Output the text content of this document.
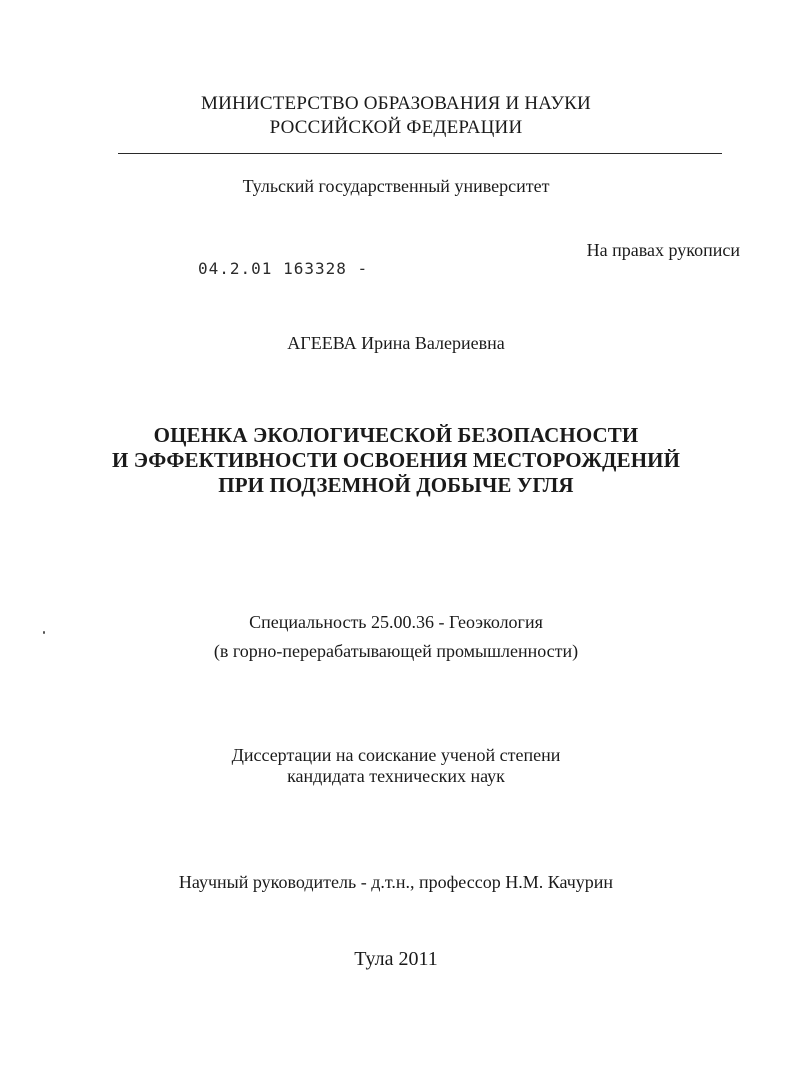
МИНИСТЕРСТВО ОБРАЗОВАНИЯ И НАУКИ
РОССИЙСКОЙ ФЕДЕРАЦИИ
Тульский государственный университет
На правах рукописи
04.2.01 163328 -
АГЕЕВА Ирина Валериевна
ОЦЕНКА ЭКОЛОГИЧЕСКОЙ БЕЗОПАСНОСТИ
И ЭФФЕКТИВНОСТИ ОСВОЕНИЯ МЕСТОРОЖДЕНИЙ
ПРИ ПОДЗЕМНОЙ ДОБЫЧЕ УГЛЯ
Специальность 25.00.36 - Геоэкология
(в горно-перерабатывающей промышленности)
Диссертации на соискание ученой степени
кандидата технических наук
Научный руководитель - д.т.н., профессор Н.М. Качурин
Тула 2011
